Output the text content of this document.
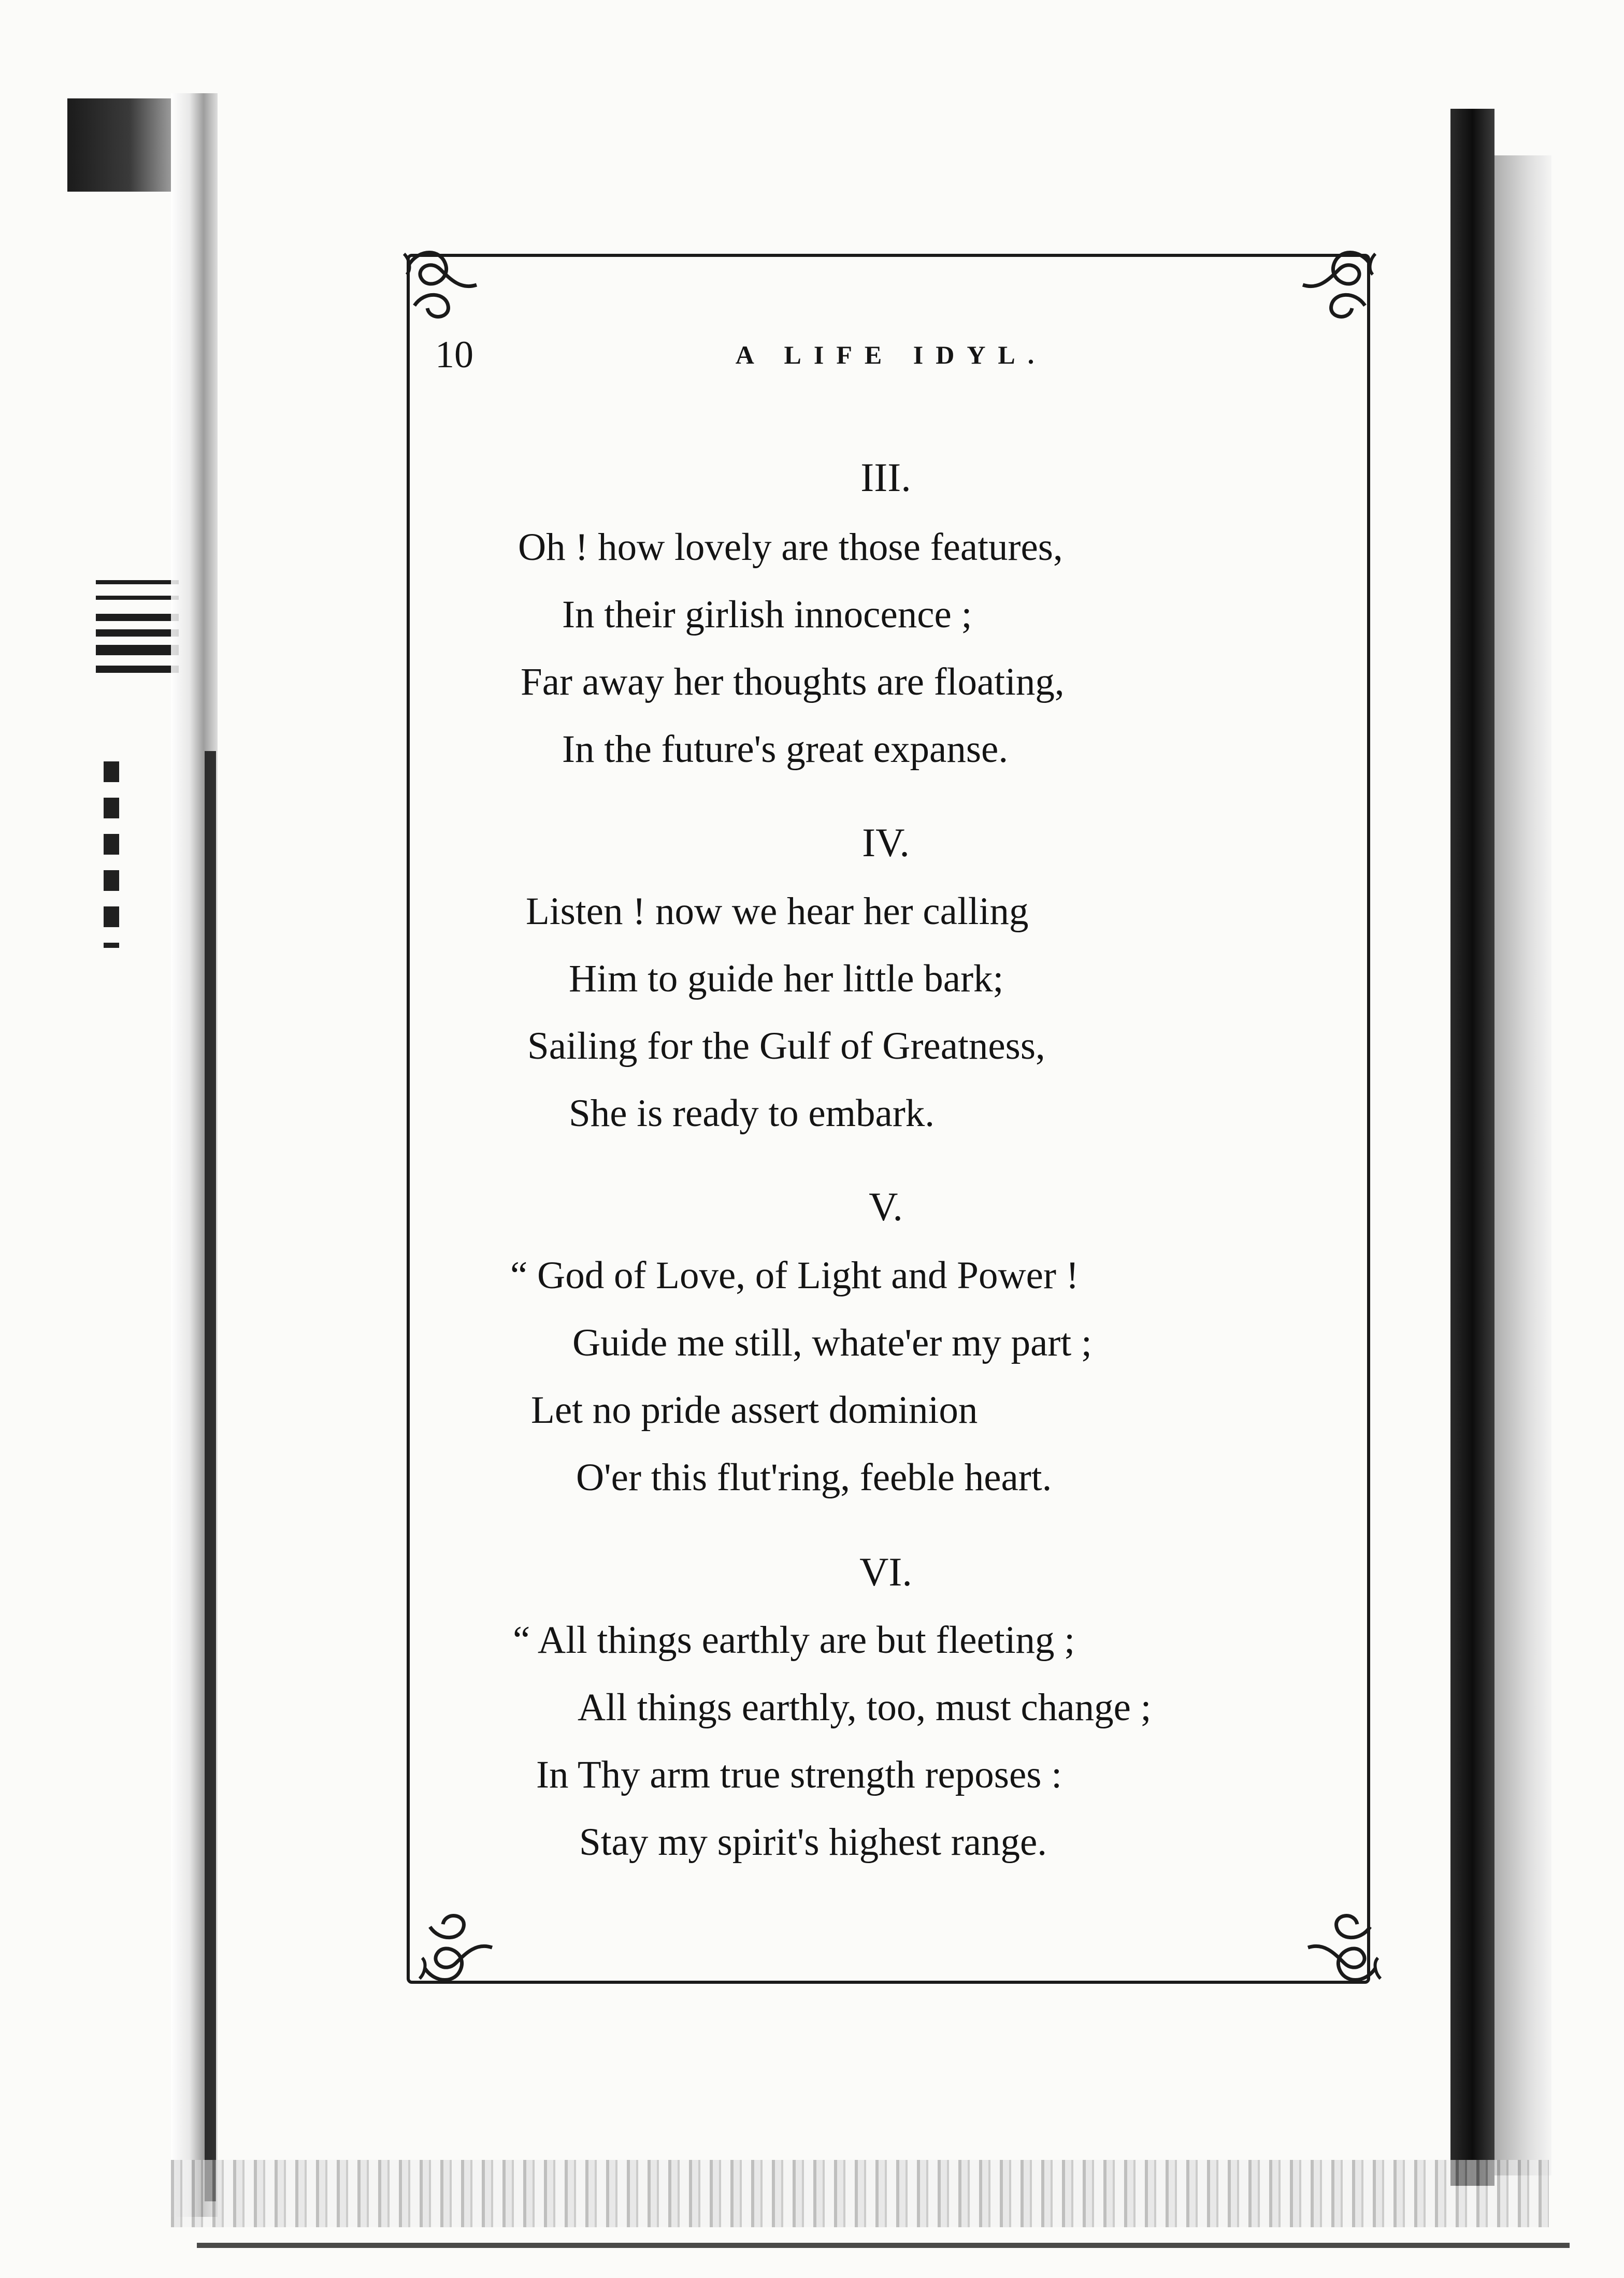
10	A LIFE IDYL.
III.
Oh ! how lovely are those features,
In their girlish innocence ;
Far away her thoughts are floating,
In the future's great expanse.
IV.
Listen ! now we hear her calling
Him to guide her little bark;
Sailing for the Gulf of Greatness,
She is ready to embark.
V.
“ God of Love, of Light and Power !
Guide me still, whate'er my part ;
Let no pride assert dominion
O'er this flut'ring, feeble heart.
VI.
“ All things earthly are but fleeting ;
All things earthly, too, must change ;
In Thy arm true strength reposes :
Stay my spirit's highest range.
